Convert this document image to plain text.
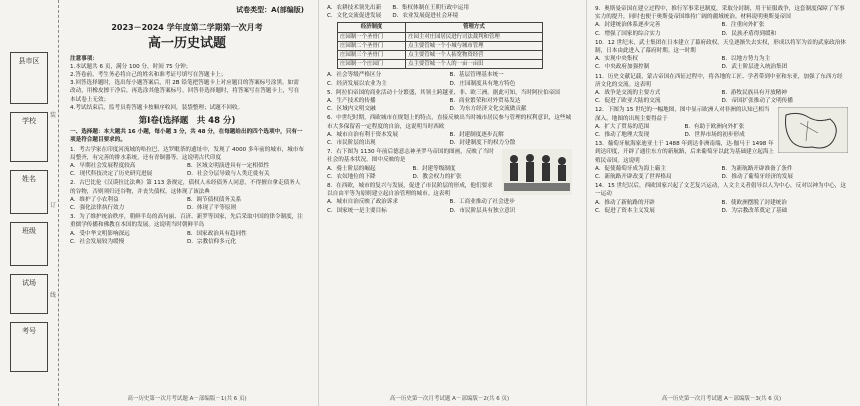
县市区
学校
姓名
班级
试场
考号
装
订
线
试卷类型：A(部编版)
2023－2024 学年度第二学期第一次月考
高一历史试题
注意事项：
1.本试题共 6 页，满分 100 分，时间 75 分钟；
2.答卷前，考生务必将自己的姓名和准考证号填写在答题卡上；
3.回答选择题时，选出每小题答案后，用 2B 铅笔把答题卡上对应题目的答案标号涂黑。如需改动，用橡皮擦干净后，再选涂其他答案标号。回答非选择题时，将答案写在答题卡上，写在本试卷上无效；
4.考试结束后，监考员将答题卡按顺序收回，装袋整理；试题不回收。
第Ⅰ卷(选择题　共 48 分)
一、选择题：本大题共 16 小题，每小题 3 分，共 48 分，在每题给出的四个选项中，只有一项是符合题目要求的。
1．考古学家在印度河流域的哈拉巴、达罗毗荼的遗址中，发现了 4000 多年前的城市，城市布局整齐，有完善的排水系统，还有青铜器等。这说明古代印度
A．早期社会发展程度较高	B．区域文明演进具有一定相似性
C．现代科技决定了历史研究进展	D．社会分层导致与人类迁徙有关
2．古巴比伦《汉谟拉比法典》第 113 条规定，债权人未经债务人同意，不得擅自拿走债务人的谷物，否则须归还谷物，并丧失债权。这体现了该法典
A．维护了小农利益	B．调节债权债务关系
C．强化法律执行效力	D．体现了平等原则
3．为了维护统治秩序，朝鲜半岛的高句丽、百济、新罗等国家，先后采取中国的律令制度，注重儒学传播和佛教在本国的发展。这说明当时朝鲜半岛
A．受中华文明影响深远	B．国家政治具有趋同性
C．社会发展较为缓慢	D．宗教信仰多元化
高一历史第一次月考试题 A－部编版－1(共 6 页)
A．农耕技术领先出新　　B．集权体制在王朝行政中运用
C．文化交流促进发展　　D．农业发展促进社会环境
经济制度	管理方式
庄园制一个圣骨门	庄园主对庄园居民进行司法裁判和管理
庄园制二个圣骨门	点主要管城一个小城与城市管理
庄园制三个圣骨门	点主要管城一个人拓宽物资经营
庄园制一个庄园门	点主要管城一个人的一亩一亩田
A．社会等级严格区分	B．基层管理基本统一
C．经济发展以农业为主	D．庄园制度具有地方特色
5．阿拉伯帝国的商业活动十分繁盛，其领土跨越亚、非、欧三洲。据此可知，当时阿拉伯帝国
A．生产技术的传播	B．商业繁荣和对外贸易发达
C．区域内文明交融	D．为东方经济文化交流做贡献
6．中世纪时期，西欧城市在规划上的特点，直接反映出当时城市居民参与管理的权利意识，这些城市大多保留着一定程度的自治，这说明当时西欧
A．城市自治有利于资本发展	B．封建制度逐步瓦解
C．市民阶层的出现	D．封建制度下的权力分散
7．右下图为 1130 年前后德意志神圣罗马帝国的图画，反映了当时社会的基本状况。图中反映的是
A．骑士阶层的崛起	B．封建等级制度
C．农奴地位的下降	D．教会权力的扩张
8．在西欧，城市的复兴与发展，促进了市民阶层的形成，他们要求以自由平等为原则建立起自治管理的城市。这表明
A．城市自治反映了政治诉求	B．工商业推动了社会进步
C．国家统一是主要目标	D．市民阶层具有独立意识
高一历史第一次月考试题 A－部编版－2(共 6 页)
9．奥斯曼帝国在建立过程中，推行军事采邑制度，采取分封制，用于征服战争，这套制度保障了军事实力的提升，同时也便于奥斯曼帝国维持广阔的疆域统治。材料说明奥斯曼帝国
A．封建统治体系逐步完善	B．注重向外扩张
C．增强了国家的综合实力	D．民族矛盾得到缓和
10．12 世纪末，武士集团在日本建立了幕府政权，天皇逐渐失去实权，形成以将军为首的武家政治体制，日本由此进入了幕府时期。这一时期
A．实现中央集权	B．以地方势力为主
C．中央政府加强控制	D．武士阶层进入统治集团
11．历史文献记载，蒙古帝国在西征过程中，将各地的工匠、学者带到中亚和东亚，加强了东西方经济文化的交流。这表明
A．战争是交流的主要方式	B．游牧民族具有开放精神
C．促进了欧亚大陆的交流	D．帝国扩张推动了文明传播
12．下图为 15 世纪的一幅地图，图中显示欧洲人对非洲的认知已相当深入。地图的出现主要得益于
A．扩大了贸易的范围	B．有助于欧洲向外扩张
C．推动了地理大发现	D．世界市场的初步形成
13．葡萄牙航海家迪亚士于 1488 年到达非洲南端，达·伽马于 1498 年到达印度，开辟了通往东方的新航路，后来葡萄牙以此为基础建立起海上殖民帝国。这说明
A．促使葡萄牙成为海上霸主	B．为新航路开辟准备了条件
C．新航路开辟改变了世界格局	D．推动了葡萄牙经济的发展
14．15 世纪以后，西欧国家兴起了文艺复兴运动，人文主义者倡导以人为中心，反对以神为中心，这一运动
A．推动了新航路的开辟	B．使欧洲摆脱了封建统治
C．促进了资本主义发展	D．为宗教改革奠定了基础
高一历史第一次月考试题 A－部编版－3(共 6 页)
